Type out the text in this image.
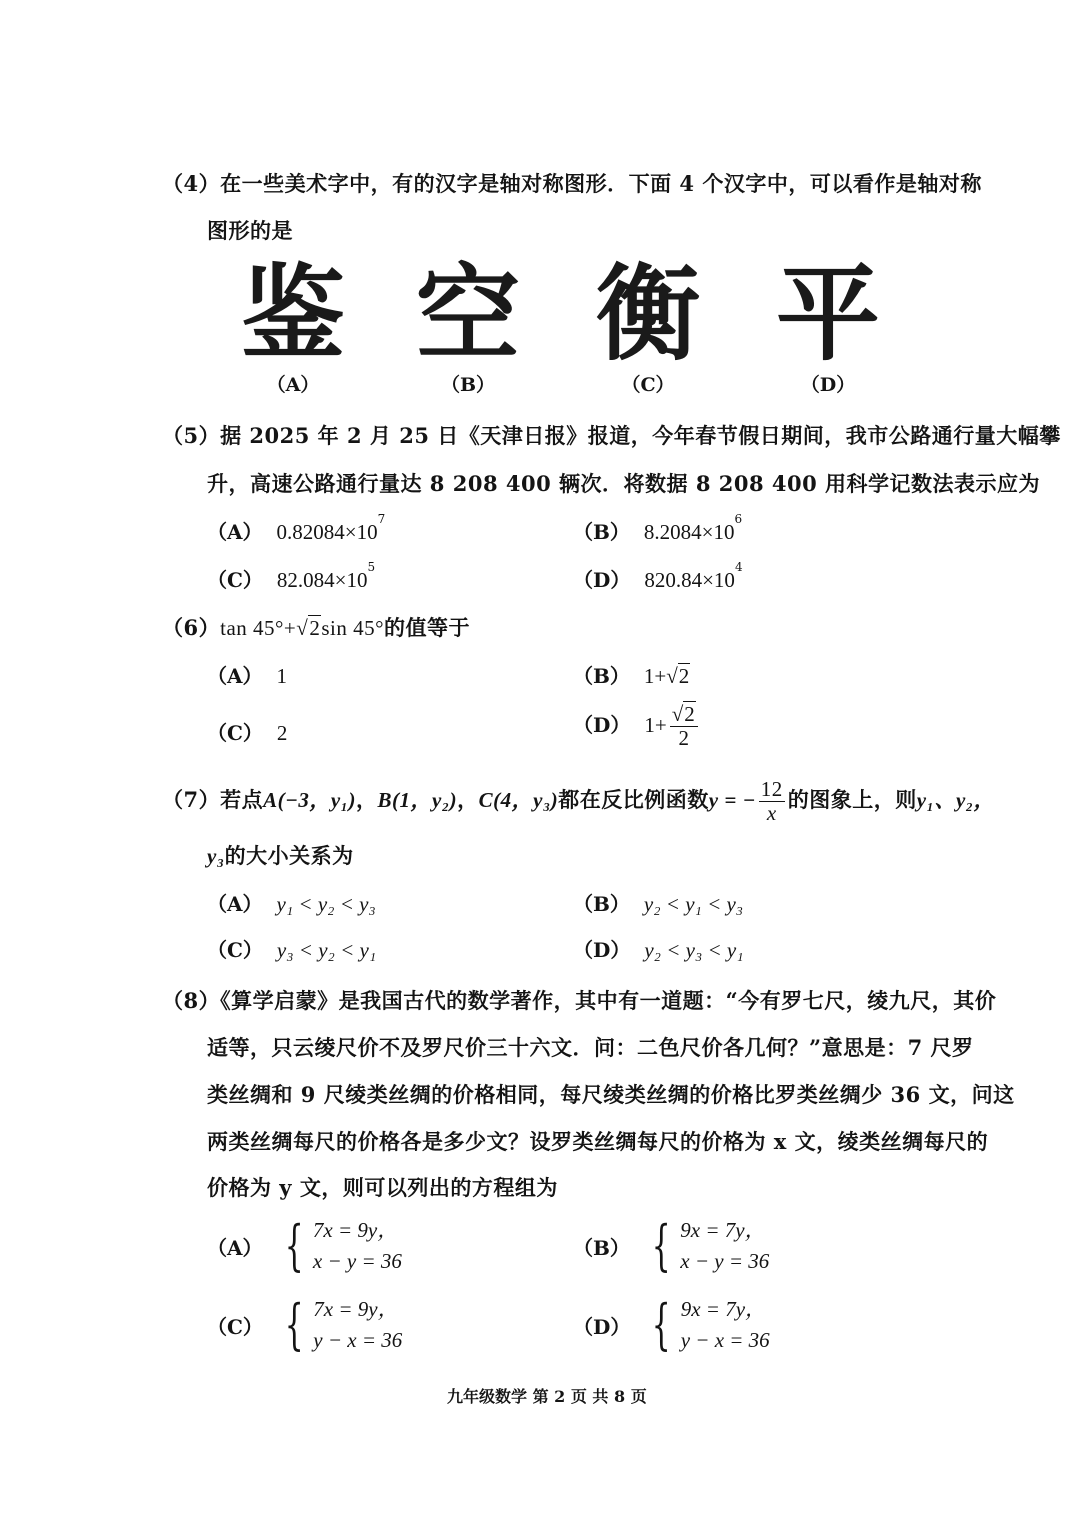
（4）在一些美术字中，有的汉字是轴对称图形．下面 4 个汉字中，可以看作是轴对称
图形的是
鉴 空 衡 平
（A）	（B）	（C）	（D）
（5）据 2025 年 2 月 25 日《天津日报》报道，今年春节假日期间，我市公路通行量大幅攀
升，高速公路通行量达 8 208 400 辆次．将数据 8 208 400 用科学记数法表示应为
（A） $0.82084\times 10^7$
（B） $8.2084\times 10^6$
（C） $82.084\times 10^5$
（D） $820.84\times 10^4$
（6）tan 45°+√2sin 45°的值等于
（A） 1	（B） 1+√2
（C） 2	（D） $1+ \frac{√2}{2}$
（7）若点A(−3，y₁)，B(1，y₂)，C(4，y₃)都在反比例函数y = − $\frac{12}{x}$ 的图象上，则y₁、y₂，
y₃的大小关系为
（A） y₁ < y₂ < y₃	（B） y₂ < y₁ < y₃
（C） y₃ < y₂ < y₁	（D） y₂ < y₃ < y₁
（8）《算学启蒙》是我国古代的数学著作，其中有一道题：“今有罗七尺，绫九尺，其价
适等，只云绫尺价不及罗尺价三十六文．问：二色尺价各几何？”意思是：7 尺罗
类丝绸和 9 尺绫类丝绸的价格相同，每尺绫类丝绸的价格比罗类丝绸少 36 文，问这
两类丝绸每尺的价格各是多少文？设罗类丝绸每尺的价格为 x 文，绫类丝绸每尺的
价格为 y 文，则可以列出的方程组为
（A） { 7x = 9y，
x − y = 36
（B） { 9x = 7y，
x − y = 36
（C） { 7x = 9y，
y − x = 36
（D） { 9x = 7y，
y − x = 36
九年级数学 第 2 页 共 8 页
